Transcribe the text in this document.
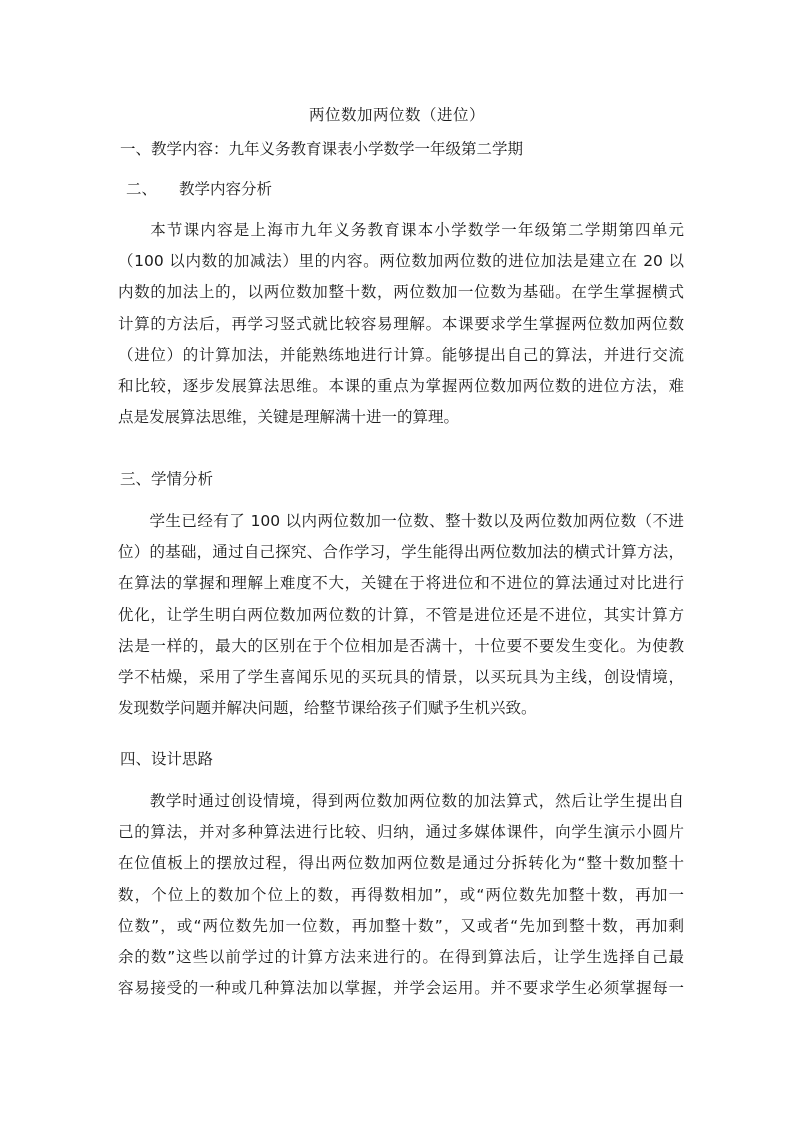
两位数加两位数（进位）
一、教学内容：九年义务教育课表小学数学一年级第二学期
二、 教学内容分析
本节课内容是上海市九年义务教育课本小学数学一年级第二学期第四单元
（100 以内数的加减法）里的内容。两位数加两位数的进位加法是建立在 20 以
内数的加法上的，以两位数加整十数，两位数加一位数为基础。在学生掌握横式
计算的方法后，再学习竖式就比较容易理解。本课要求学生掌握两位数加两位数
（进位）的计算加法，并能熟练地进行计算。能够提出自己的算法，并进行交流
和比较，逐步发展算法思维。本课的重点为掌握两位数加两位数的进位方法，难
点是发展算法思维，关键是理解满十进一的算理。
三、学情分析
学生已经有了 100 以内两位数加一位数、整十数以及两位数加两位数（不进
位）的基础，通过自己探究、合作学习，学生能得出两位数加法的横式计算方法，
在算法的掌握和理解上难度不大，关键在于将进位和不进位的算法通过对比进行
优化，让学生明白两位数加两位数的计算，不管是进位还是不进位，其实计算方
法是一样的，最大的区别在于个位相加是否满十，十位要不要发生变化。为使教
学不枯燥，采用了学生喜闻乐见的买玩具的情景，以买玩具为主线，创设情境，
发现数学问题并解决问题，给整节课给孩子们赋予生机兴致。
四、设计思路
教学时通过创设情境，得到两位数加两位数的加法算式，然后让学生提出自
己的算法，并对多种算法进行比较、归纳，通过多媒体课件，向学生演示小圆片
在位值板上的摆放过程，得出两位数加两位数是通过分拆转化为“整十数加整十
数，个位上的数加个位上的数，再得数相加”，或“两位数先加整十数，再加一
位数”，或“两位数先加一位数，再加整十数”，又或者“先加到整十数，再加剩
余的数”这些以前学过的计算方法来进行的。在得到算法后，让学生选择自己最
容易接受的一种或几种算法加以掌握，并学会运用。并不要求学生必须掌握每一
